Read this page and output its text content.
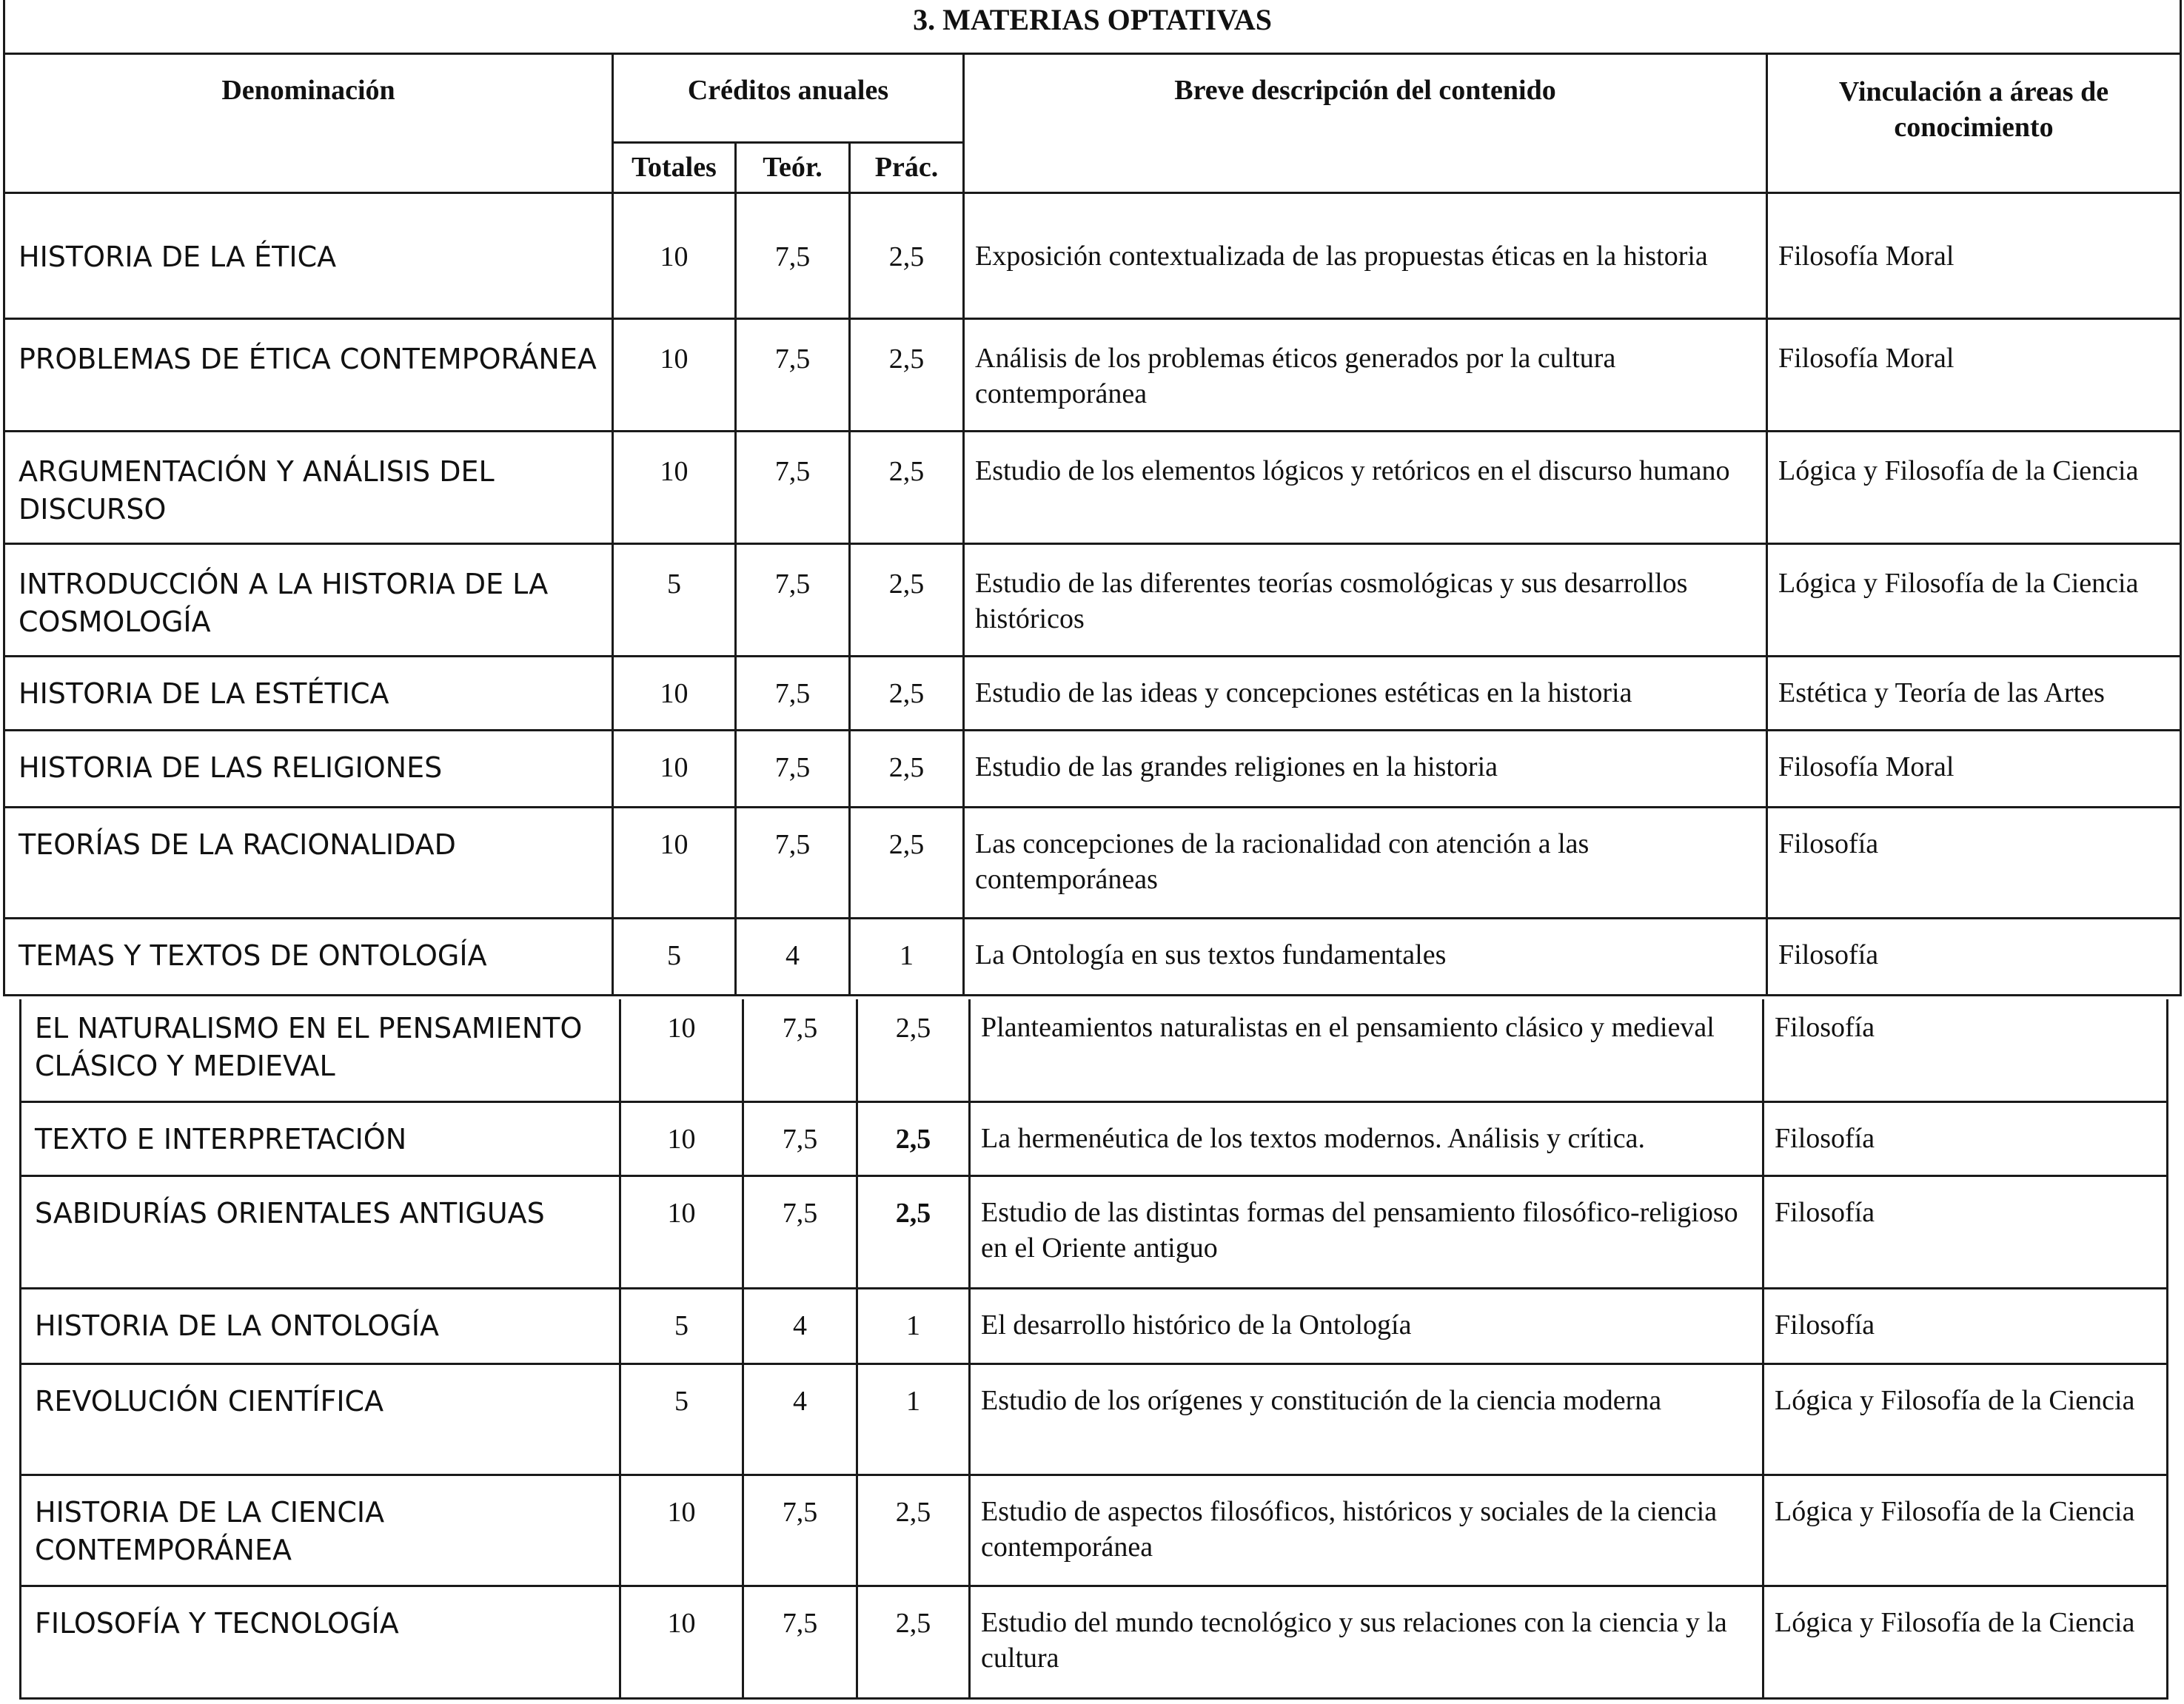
3. MATERIAS OPTATIVAS					
Denominación	Créditos anuales			Breve descripción del contenido	Vinculación a áreas de conocimiento
	Totales	Teór.	Prác.		
HISTORIA DE LA ÉTICA	10	7,5	2,5	Exposición contextualizada de las propuestas éticas en la historia	Filosofía Moral
PROBLEMAS DE ÉTICA CONTEMPORÁNEA	10	7,5	2,5	Análisis de los problemas éticos generados por la cultura contemporánea	Filosofía Moral
ARGUMENTACIÓN Y ANÁLISIS DEL DISCURSO	10	7,5	2,5	Estudio de los elementos lógicos y retóricos en el discurso humano	Lógica y Filosofía de la Ciencia
INTRODUCCIÓN A LA HISTORIA DE LA COSMOLOGÍA	5	7,5	2,5	Estudio de las diferentes teorías cosmológicas y sus desarrollos históricos	Lógica y Filosofía de la Ciencia
HISTORIA DE LA ESTÉTICA	10	7,5	2,5	Estudio de las ideas y concepciones estéticas en la historia	Estética y Teoría de las Artes
HISTORIA DE LAS RELIGIONES	10	7,5	2,5	Estudio de las grandes religiones en la historia	Filosofía Moral
TEORÍAS DE LA RACIONALIDAD	10	7,5	2,5	Las concepciones de la racionalidad con atención a las contemporáneas	Filosofía
TEMAS Y TEXTOS DE ONTOLOGÍA	5	4	1	La Ontología en sus textos fundamentales	Filosofía
EL NATURALISMO EN EL PENSAMIENTO CLÁSICO Y MEDIEVAL	10	7,5	2,5	Planteamientos naturalistas en el pensamiento clásico y medieval	Filosofía
TEXTO E INTERPRETACIÓN	10	7,5	2,5	La hermenéutica de los textos modernos. Análisis y crítica.	Filosofía
SABIDURÍAS ORIENTALES ANTIGUAS	10	7,5	2,5	Estudio de las distintas formas del pensamiento filosófico-religioso en el Oriente antiguo	Filosofía
HISTORIA DE LA ONTOLOGÍA	5	4	1	El desarrollo histórico de la Ontología	Filosofía
REVOLUCIÓN CIENTÍFICA	5	4	1	Estudio de los orígenes y constitución de la ciencia moderna	Lógica y Filosofía de la Ciencia
HISTORIA DE LA CIENCIA CONTEMPORÁNEA	10	7,5	2,5	Estudio de aspectos filosóficos, históricos y sociales de la ciencia contemporánea	Lógica y Filosofía de la Ciencia
FILOSOFÍA Y TECNOLOGÍA	10	7,5	2,5	Estudio del mundo tecnológico y sus relaciones con la ciencia y la cultura	Lógica y Filosofía de la Ciencia
